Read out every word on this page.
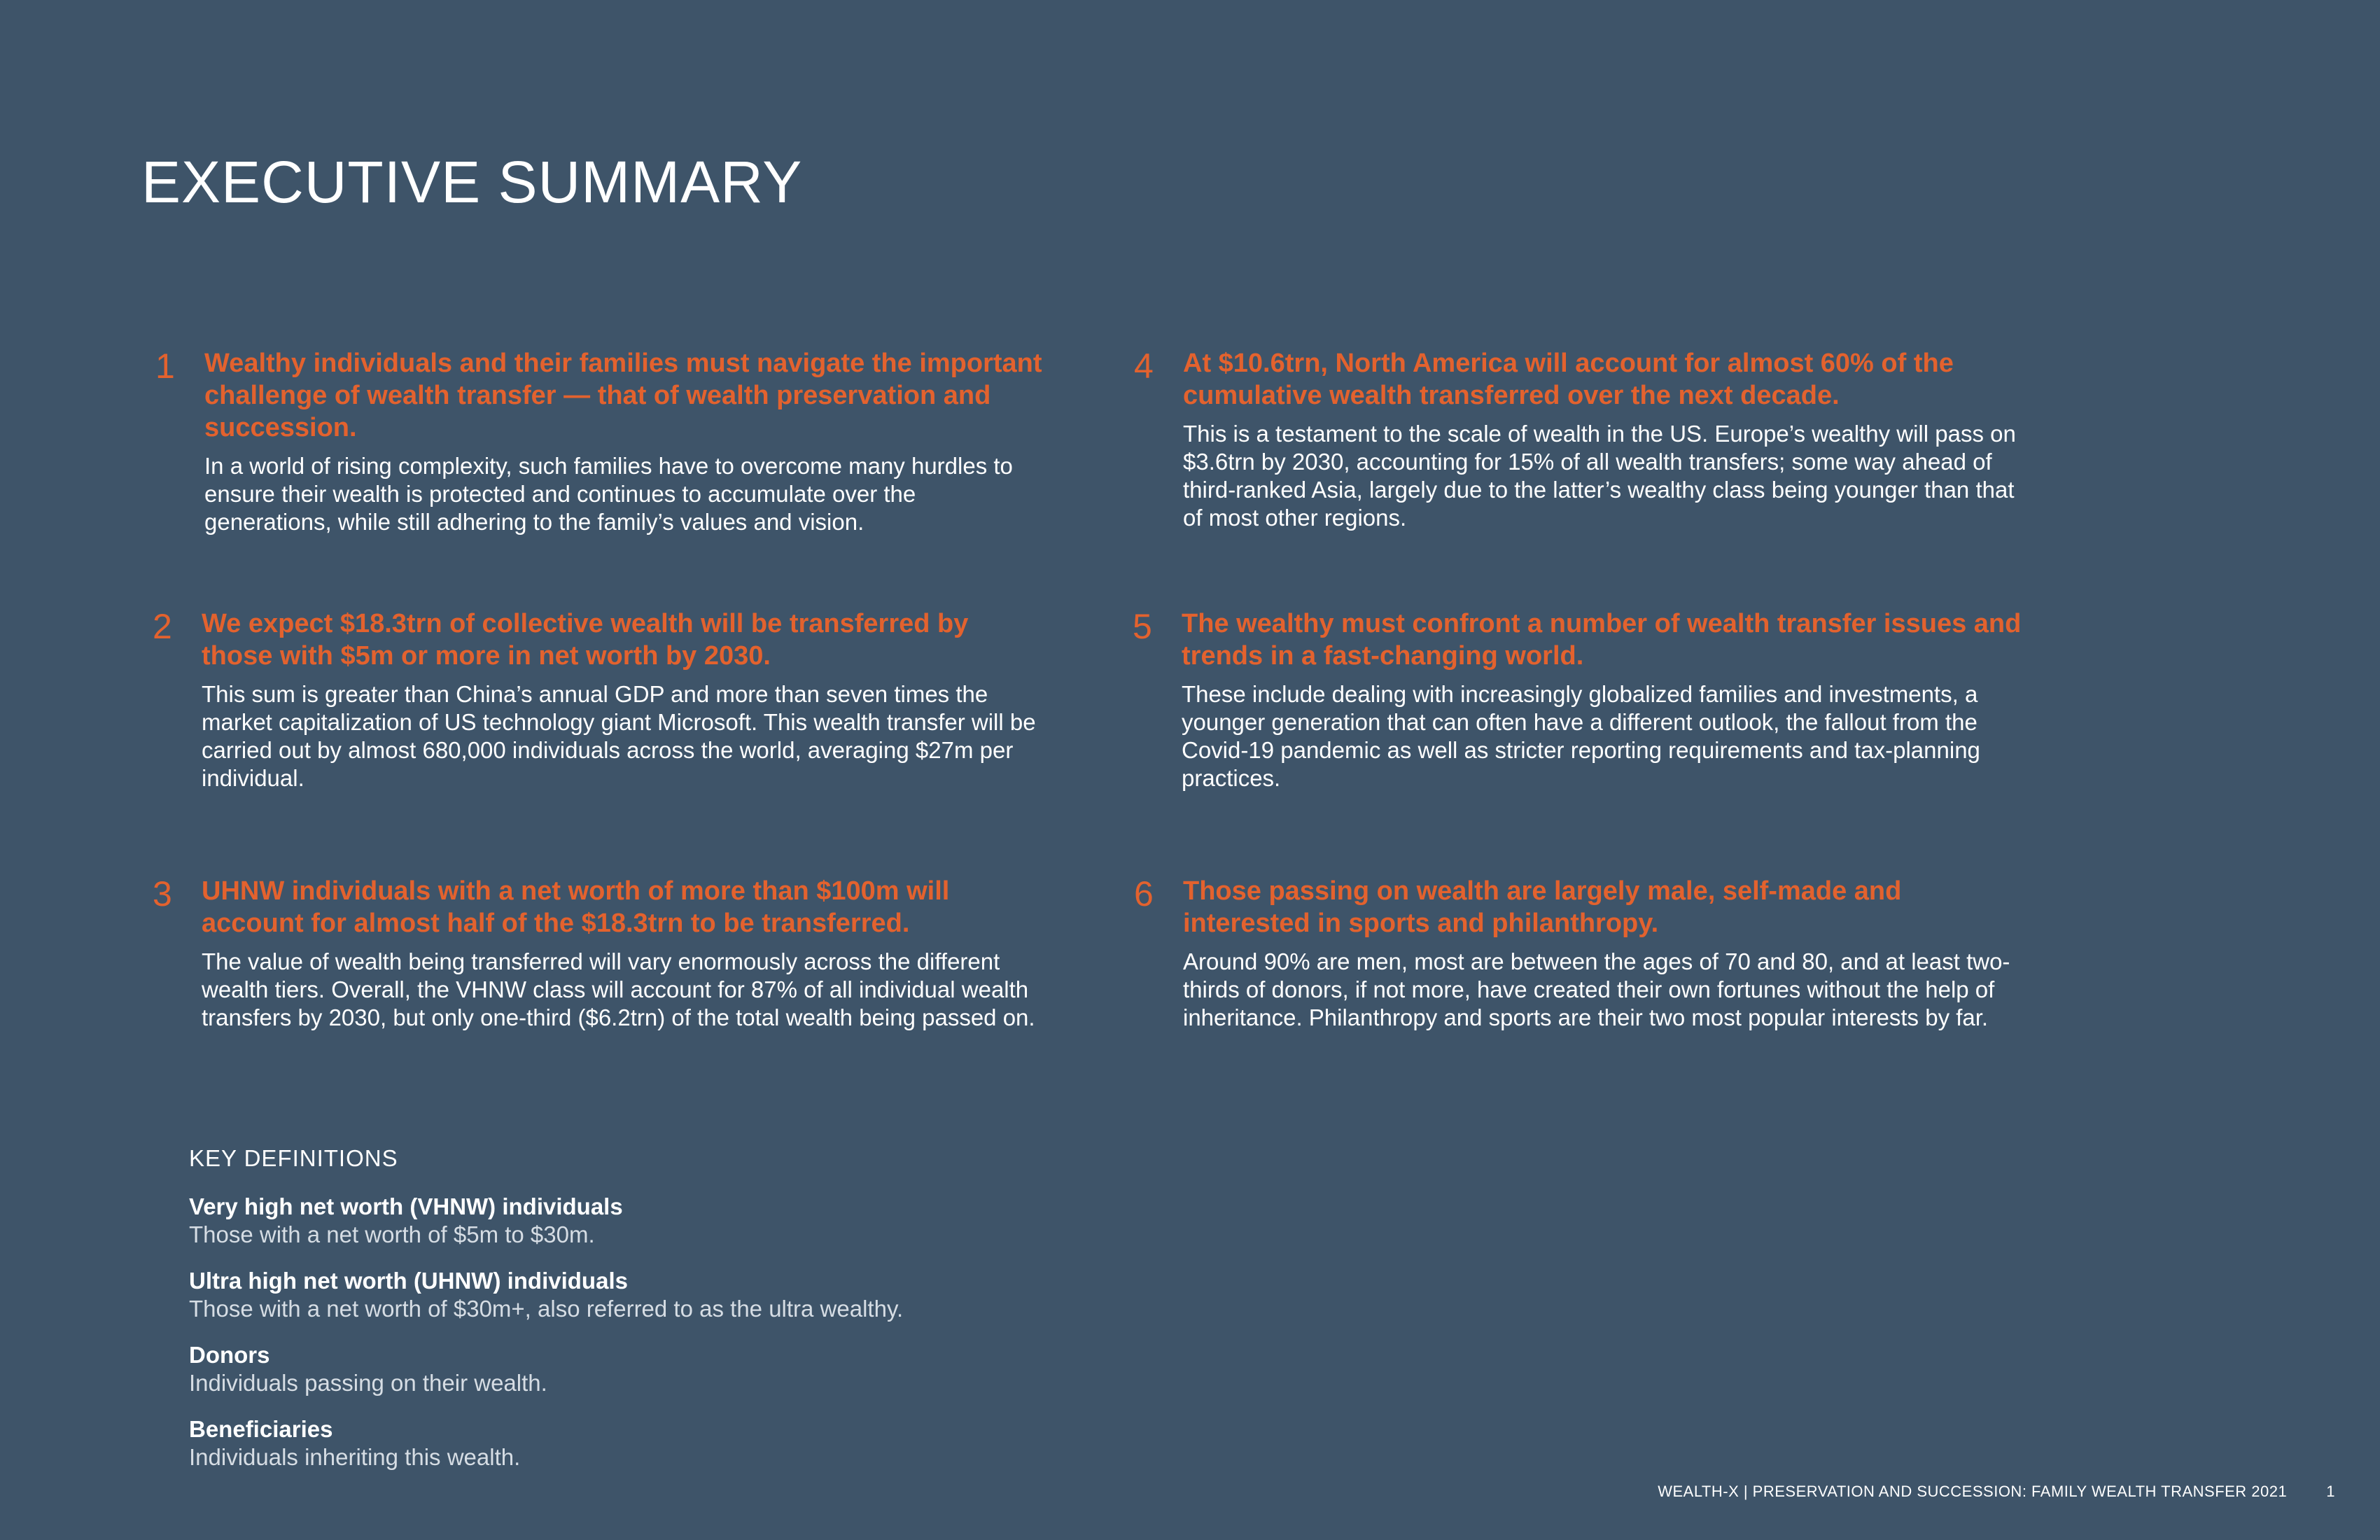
EXECUTIVE SUMMARY
1	Wealthy individuals and their families must navigate the important challenge of wealth transfer — that of wealth preservation and succession.

In a world of rising complexity, such families have to overcome many hurdles to ensure their wealth is protected and continues to accumulate over the generations, while still adhering to the family’s values and vision.

2	We expect $18.3trn of collective wealth will be transferred by those with $5m or more in net worth by 2030.

This sum is greater than China’s annual GDP and more than seven times the market capitalization of US technology giant Microsoft. This wealth transfer will be carried out by almost 680,000 individuals across the world, averaging $27m per individual.

3	UHNW individuals with a net worth of more than $100m will account for almost half of the $18.3trn to be transferred.

The value of wealth being transferred will vary enormously across the different wealth tiers. Overall, the VHNW class will account for 87% of all individual wealth transfers by 2030, but only one-third ($6.2trn) of the total wealth being passed on.

4	At $10.6trn, North America will account for almost 60% of the cumulative wealth transferred over the next decade.

This is a testament to the scale of wealth in the US. Europe’s wealthy will pass on $3.6trn by 2030, accounting for 15% of all wealth transfers; some way ahead of third-ranked Asia, largely due to the latter’s wealthy class being younger than that of most other regions.

5	The wealthy must confront a number of wealth transfer issues and trends in a fast-changing world.

These include dealing with increasingly globalized families and investments, a younger generation that can often have a different outlook, the fallout from the Covid-19 pandemic as well as stricter reporting requirements and tax-planning practices.

6	Those passing on wealth are largely male, self-made and interested in sports and philanthropy.

Around 90% are men, most are between the ages of 70 and 80, and at least two-thirds of donors, if not more, have created their own fortunes without the help of inheritance. Philanthropy and sports are their two most popular interests by far.

KEY DEFINITIONS
Very high net worth (VHNW) individuals
Those with a net worth of $5m to $30m.
Ultra high net worth (UHNW) individuals
Those with a net worth of $30m+, also referred to as the ultra wealthy.
Donors
Individuals passing on their wealth.
Beneficiaries
Individuals inheriting this wealth.
WEALTH-X | PRESERVATION AND SUCCESSION: FAMILY WEALTH TRANSFER 2021	1
